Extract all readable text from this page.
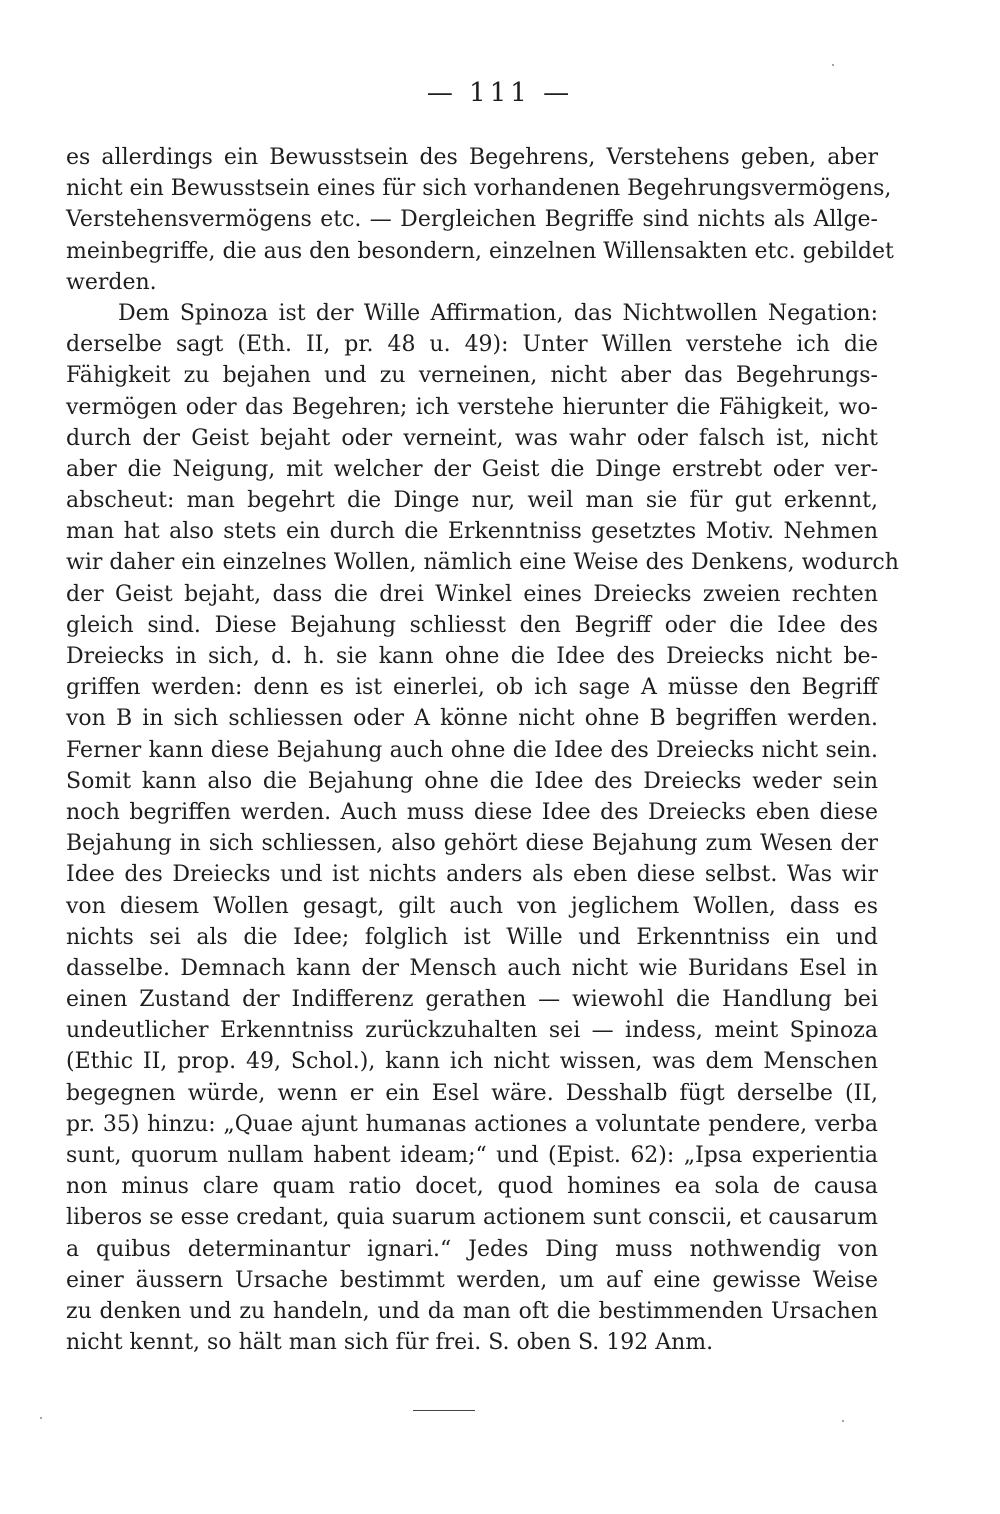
— 111 —
es allerdings ein Bewusstsein des Begehrens, Verstehens geben, aber
nicht ein Bewusstsein eines für sich vorhandenen Begehrungsvermögens,
Verstehensvermögens etc. — Dergleichen Begriffe sind nichts als Allge-
meinbegriffe, die aus den besondern, einzelnen Willensakten etc. gebildet
werden.
Dem Spinoza ist der Wille Affirmation, das Nichtwollen Negation:
derselbe sagt (Eth. II, pr. 48 u. 49): Unter Willen verstehe ich die
Fähigkeit zu bejahen und zu verneinen, nicht aber das Begehrungs-
vermögen oder das Begehren; ich verstehe hierunter die Fähigkeit, wo-
durch der Geist bejaht oder verneint, was wahr oder falsch ist, nicht
aber die Neigung, mit welcher der Geist die Dinge erstrebt oder ver-
abscheut: man begehrt die Dinge nur, weil man sie für gut erkennt,
man hat also stets ein durch die Erkenntniss gesetztes Motiv. Nehmen
wir daher ein einzelnes Wollen, nämlich eine Weise des Denkens, wodurch
der Geist bejaht, dass die drei Winkel eines Dreiecks zweien rechten
gleich sind. Diese Bejahung schliesst den Begriff oder die Idee des
Dreiecks in sich, d. h. sie kann ohne die Idee des Dreiecks nicht be-
griffen werden: denn es ist einerlei, ob ich sage A müsse den Begriff
von B in sich schliessen oder A könne nicht ohne B begriffen werden.
Ferner kann diese Bejahung auch ohne die Idee des Dreiecks nicht sein.
Somit kann also die Bejahung ohne die Idee des Dreiecks weder sein
noch begriffen werden. Auch muss diese Idee des Dreiecks eben diese
Bejahung in sich schliessen, also gehört diese Bejahung zum Wesen der
Idee des Dreiecks und ist nichts anders als eben diese selbst. Was wir
von diesem Wollen gesagt, gilt auch von jeglichem Wollen, dass es
nichts sei als die Idee; folglich ist Wille und Erkenntniss ein und
dasselbe. Demnach kann der Mensch auch nicht wie Buridans Esel in
einen Zustand der Indifferenz gerathen — wiewohl die Handlung bei
undeutlicher Erkenntniss zurückzuhalten sei — indess, meint Spinoza
(Ethic II, prop. 49, Schol.), kann ich nicht wissen, was dem Menschen
begegnen würde, wenn er ein Esel wäre. Desshalb fügt derselbe (II,
pr. 35) hinzu: „Quae ajunt humanas actiones a voluntate pendere, verba
sunt, quorum nullam habent ideam;“ und (Epist. 62): „Ipsa experientia
non minus clare quam ratio docet, quod homines ea sola de causa
liberos se esse credant, quia suarum actionem sunt conscii, et causarum
a quibus determinantur ignari.“ Jedes Ding muss nothwendig von
einer äussern Ursache bestimmt werden, um auf eine gewisse Weise
zu denken und zu handeln, und da man oft die bestimmenden Ursachen
nicht kennt, so hält man sich für frei. S. oben S. 192 Anm.
